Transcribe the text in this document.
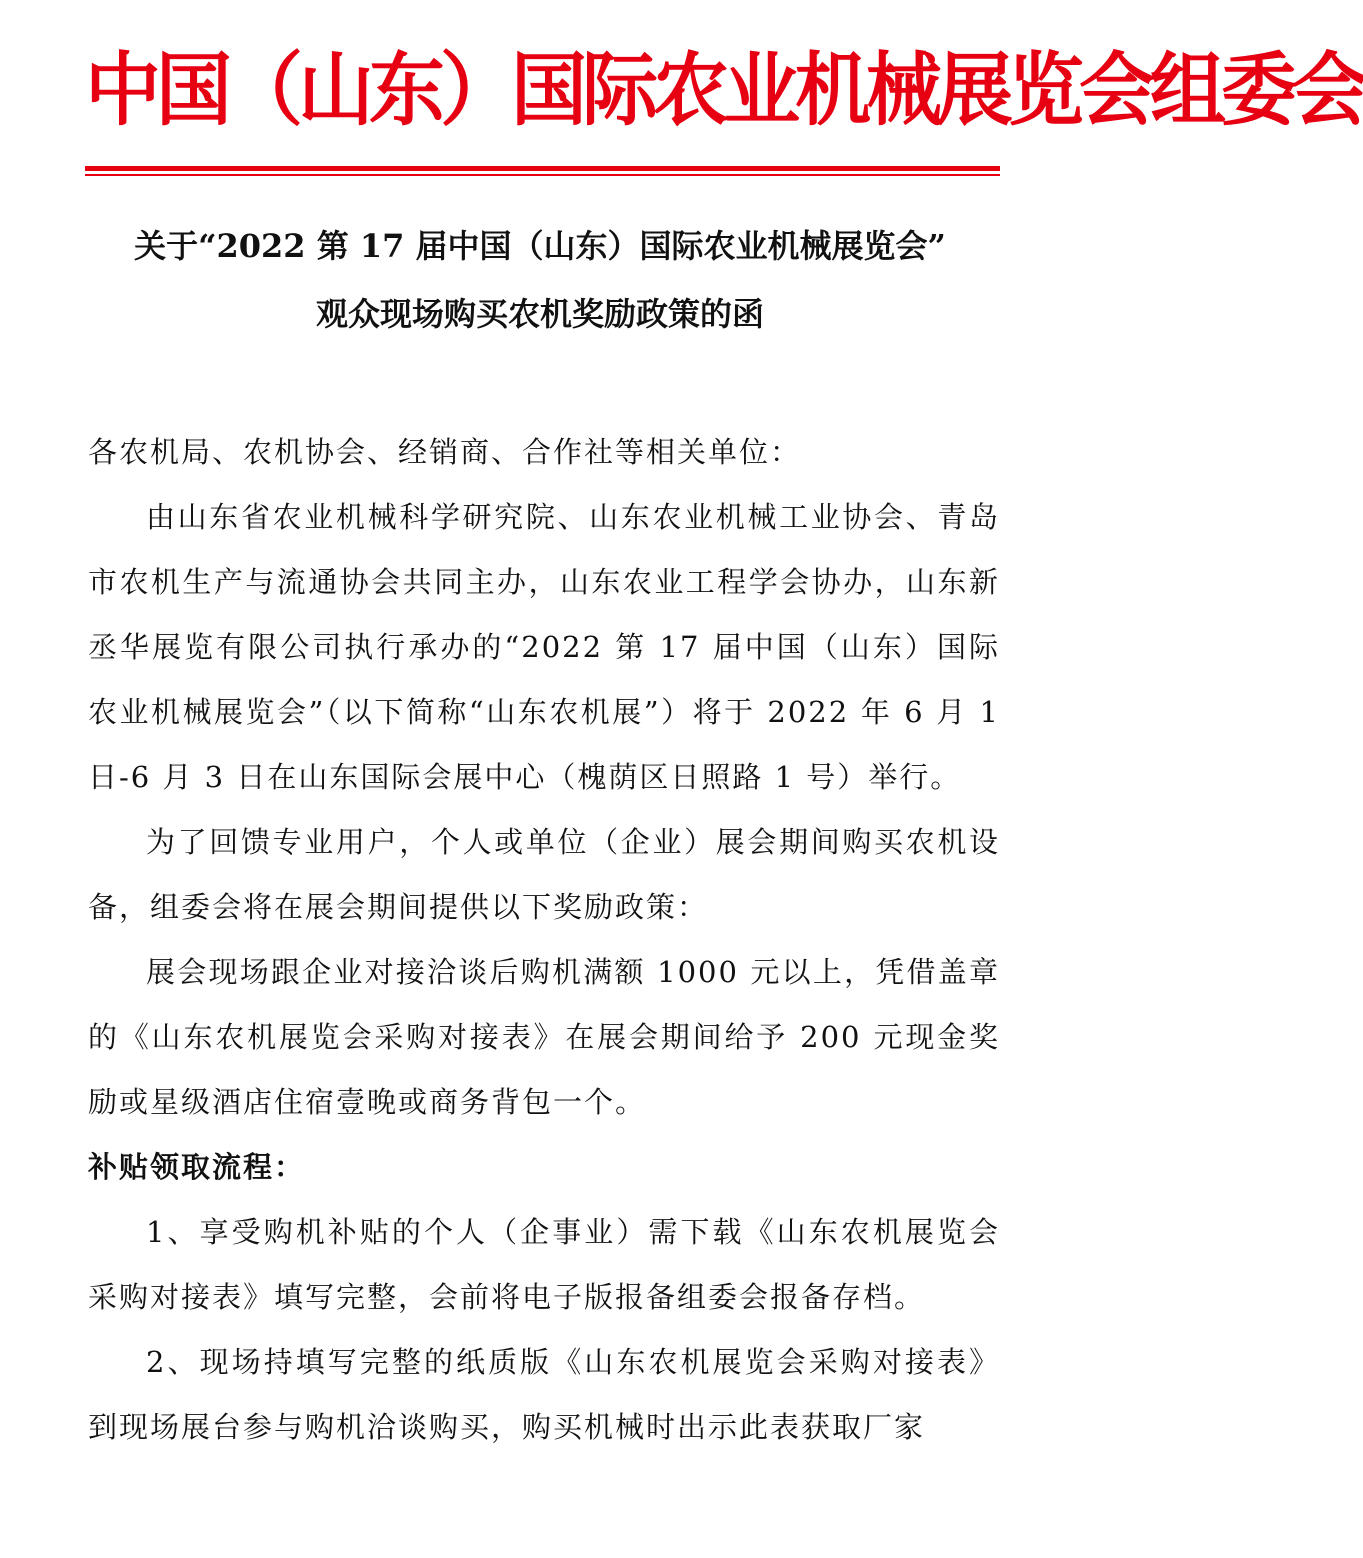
中国（山东）国际农业机械展览会组委会
关于“2022 第 17 届中国（山东）国际农业机械展览会”
观众现场购买农机奖励政策的函

各农机局、农机协会、经销商、合作社等相关单位：

由山东省农业机械科学研究院、山东农业机械工业协会、青岛市农机生产与流通协会共同主办，山东农业工程学会协办，山东新丞华展览有限公司执行承办的“2022 第 17 届中国（山东）国际农业机械展览会”（以下简称“山东农机展”）将于 2022 年 6 月 1 日-6 月 3 日在山东国际会展中心（槐荫区日照路 1 号）举行。

为了回馈专业用户，个人或单位（企业）展会期间购买农机设备，组委会将在展会期间提供以下奖励政策：

展会现场跟企业对接洽谈后购机满额 1000 元以上，凭借盖章的《山东农机展览会采购对接表》在展会期间给予 200 元现金奖励或星级酒店住宿壹晚或商务背包一个。

补贴领取流程：

1、享受购机补贴的个人（企事业）需下载《山东农机展览会采购对接表》填写完整，会前将电子版报备组委会报备存档。

2、现场持填写完整的纸质版《山东农机展览会采购对接表》到现场展台参与购机洽谈购买，购买机械时出示此表获取厂家
